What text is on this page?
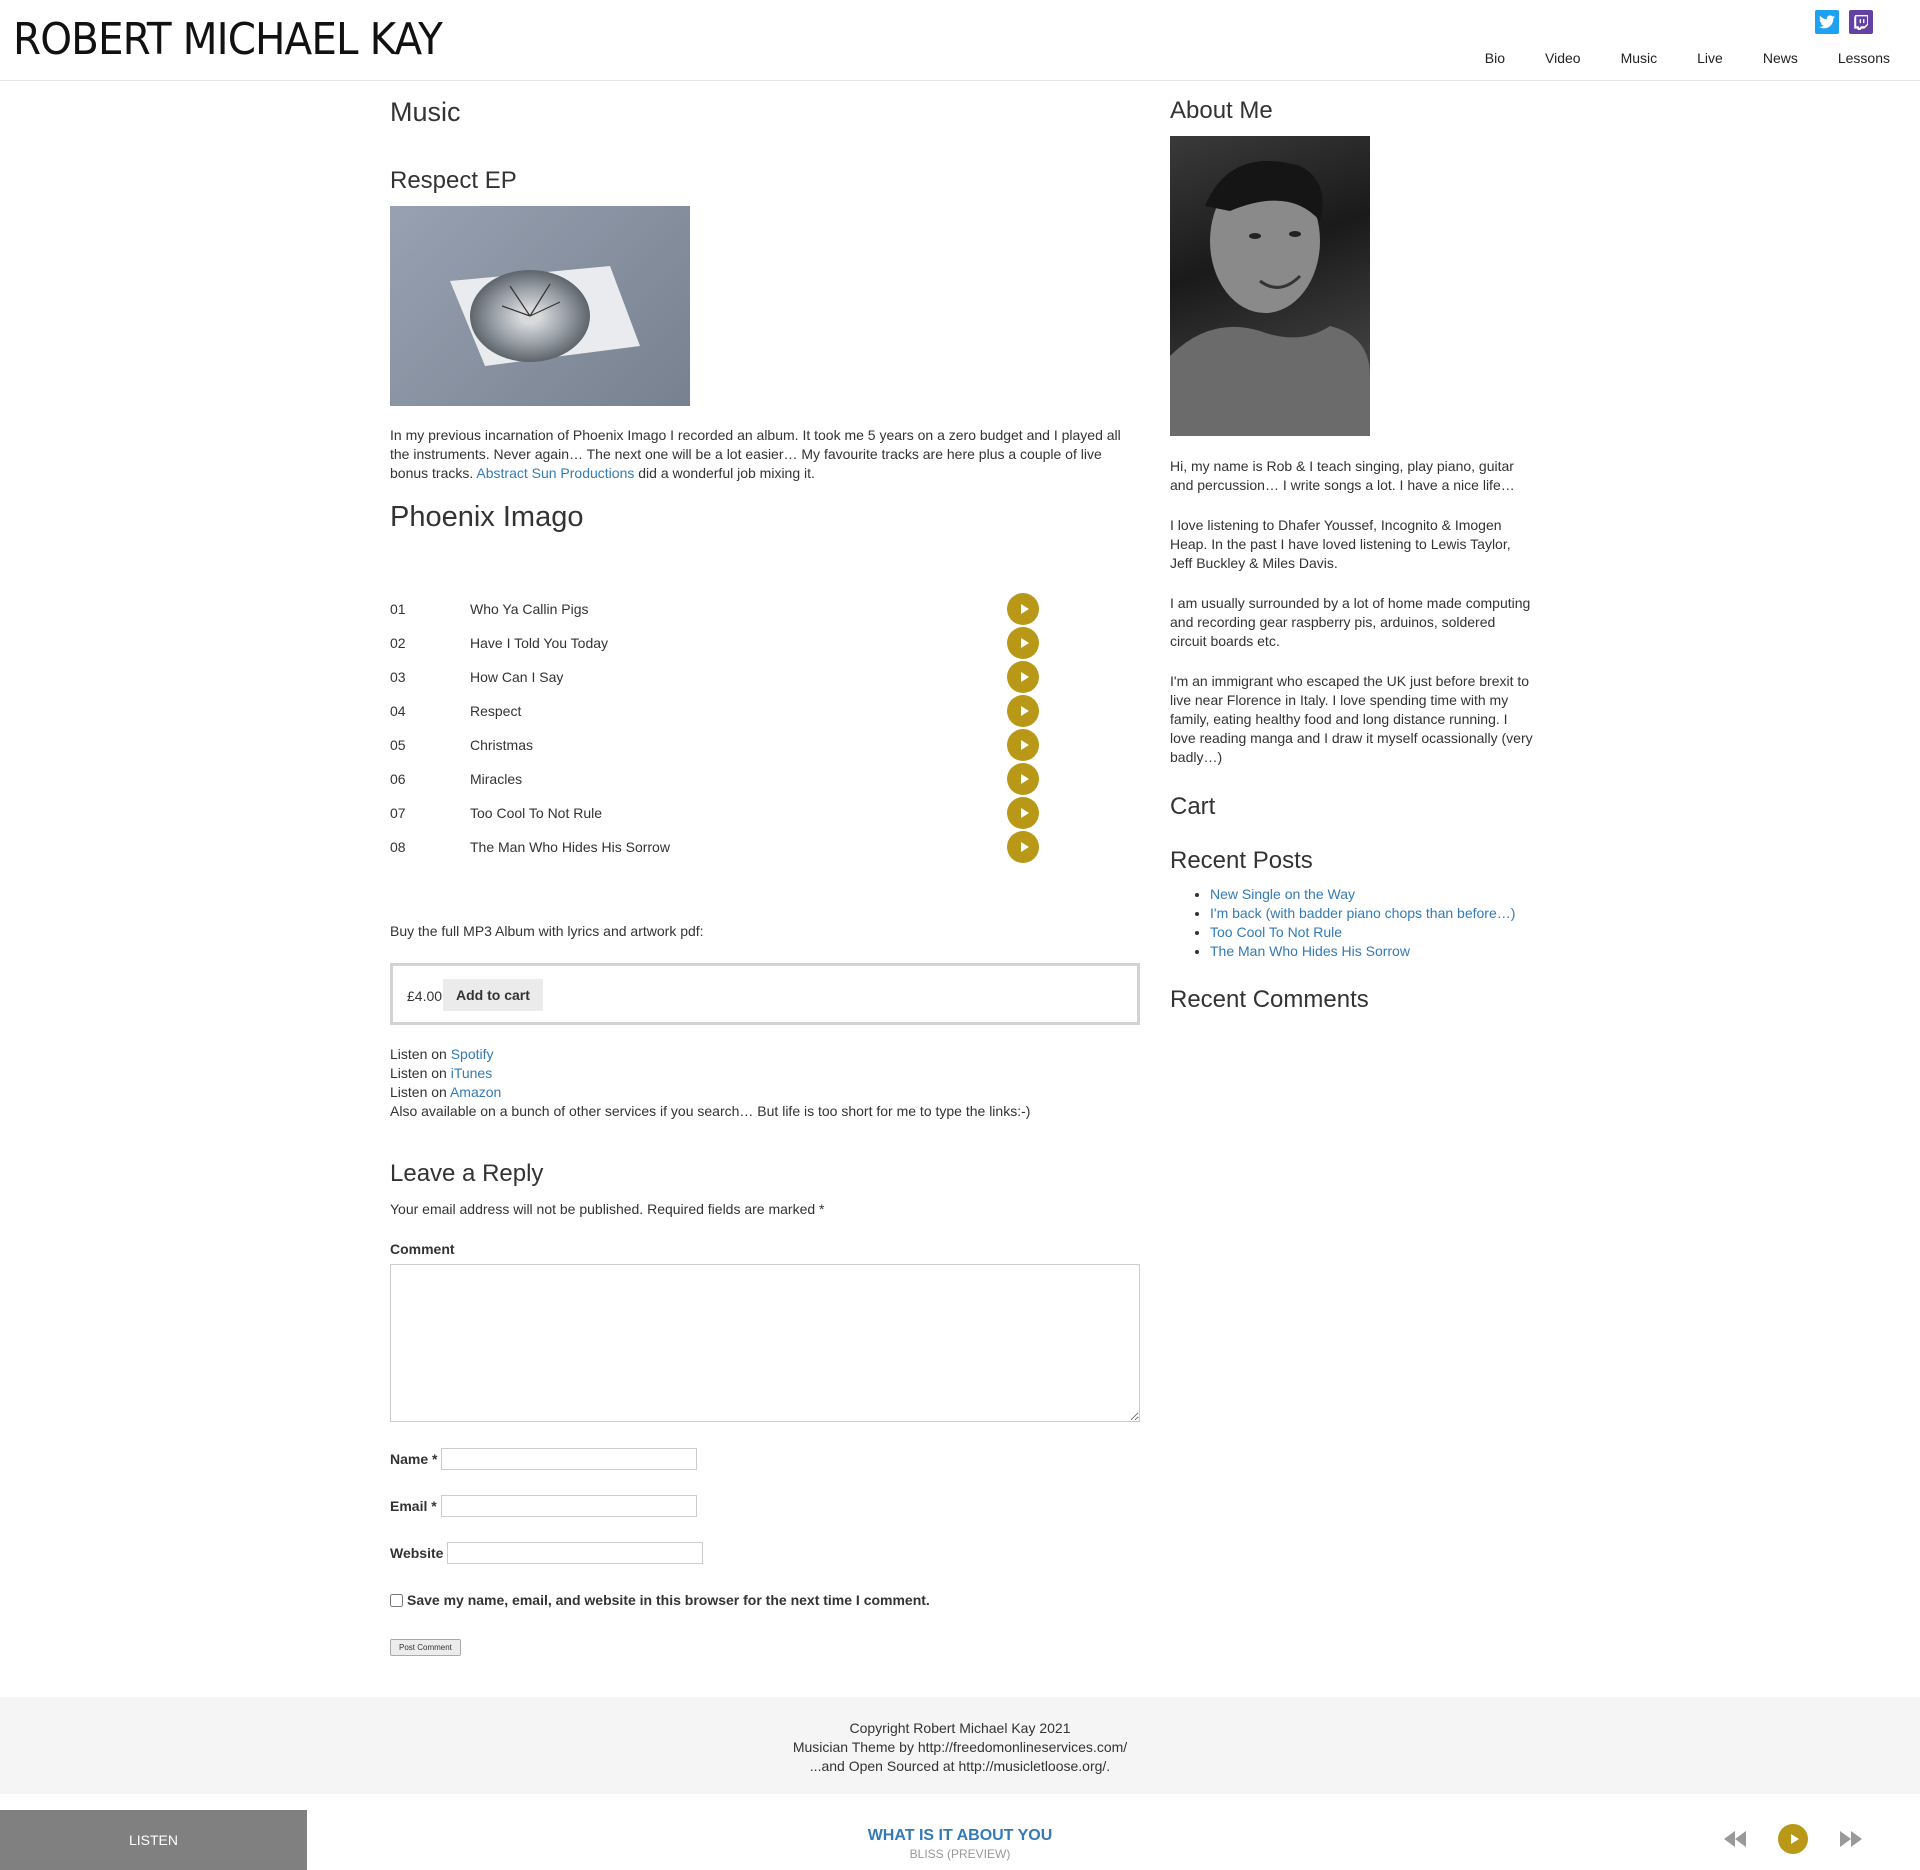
ROBERT MICHAEL KAY	Bio	Video	Music	Live	News	Lessons
Music
Respect EP

In my previous incarnation of Phoenix Imago I recorded an album. It took me 5 years on a zero budget and I played all the instruments. Never again… The next one will be a lot easier… My favourite tracks are here plus a couple of live bonus tracks. Abstract Sun Productions did a wonderful job mixing it.

Phoenix Imago
01	Who Ya Callin Pigs
02	Have I Told You Today
03	How Can I Say
04	Respect
05	Christmas
06	Miracles
07	Too Cool To Not Rule
08	The Man Who Hides His Sorrow
Buy the full MP3 Album with lyrics and artwork pdf:
£4.00 Add to cart
Listen on Spotify
Listen on iTunes
Listen on Amazon
Also available on a bunch of other services if you search… But life is too short for me to type the links:-)
Leave a Reply
Your email address will not be published. Required fields are marked *
Comment
Name *
Email *
Website
Save my name, email, and website in this browser for the next time I comment.
Post Comment
About Me

Hi, my name is Rob & I teach singing, play piano, guitar and percussion… I write songs a lot. I have a nice life…

I love listening to Dhafer Youssef, Incognito & Imogen Heap. In the past I have loved listening to Lewis Taylor, Jeff Buckley & Miles Davis.

I am usually surrounded by a lot of home made computing and recording gear raspberry pis, arduinos, soldered circuit boards etc.

I'm an immigrant who escaped the UK just before brexit to live near Florence in Italy. I love spending time with my family, eating healthy food and long distance running. I love reading manga and I draw it myself ocassionally (very badly…)

Cart
Recent Posts
• New Single on the Way
• I'm back (with badder piano chops than before…)
• Too Cool To Not Rule
• The Man Who Hides His Sorrow
Recent Comments
Copyright Robert Michael Kay 2021
Musician Theme by http://freedomonlineservices.com/
...and Open Sourced at http://musicletloose.org/.
LISTEN	WHAT IS IT ABOUT YOU
BLISS (PREVIEW)
